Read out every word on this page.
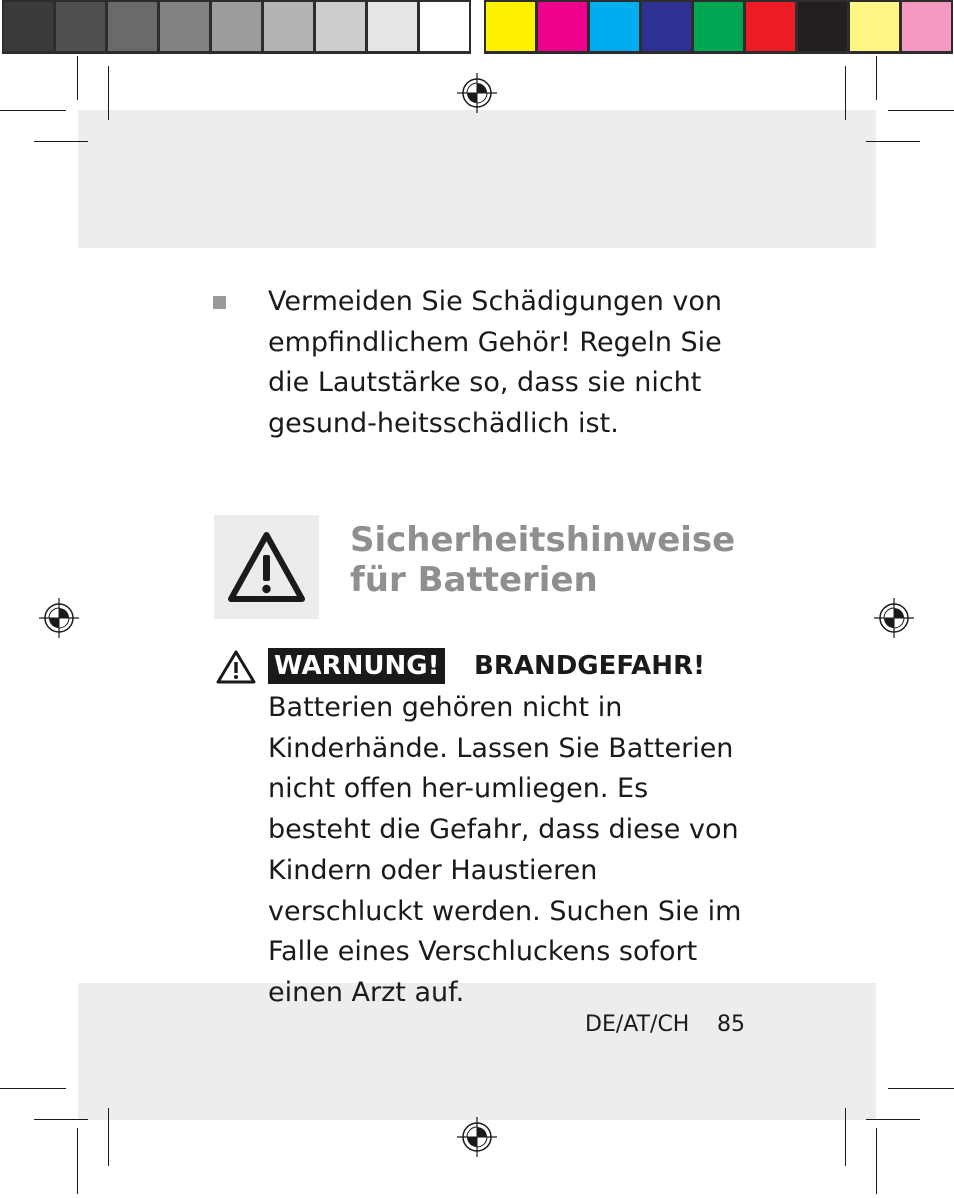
Vermeiden Sie Schädigungen von empfindlichem Gehör! Regeln Sie die Lautstärke so, dass sie nicht gesund-heitsschädlich ist.
Sicherheitshinweise
für Batterien
WARNUNG! BRANDGEFAHR!
Batterien gehören nicht in Kinderhände. Lassen Sie Batterien nicht offen her-umliegen. Es besteht die Gefahr, dass diese von Kindern oder Haustieren verschluckt werden. Suchen Sie im Falle eines Verschluckens sofort einen Arzt auf.
DE/AT/CH 85
